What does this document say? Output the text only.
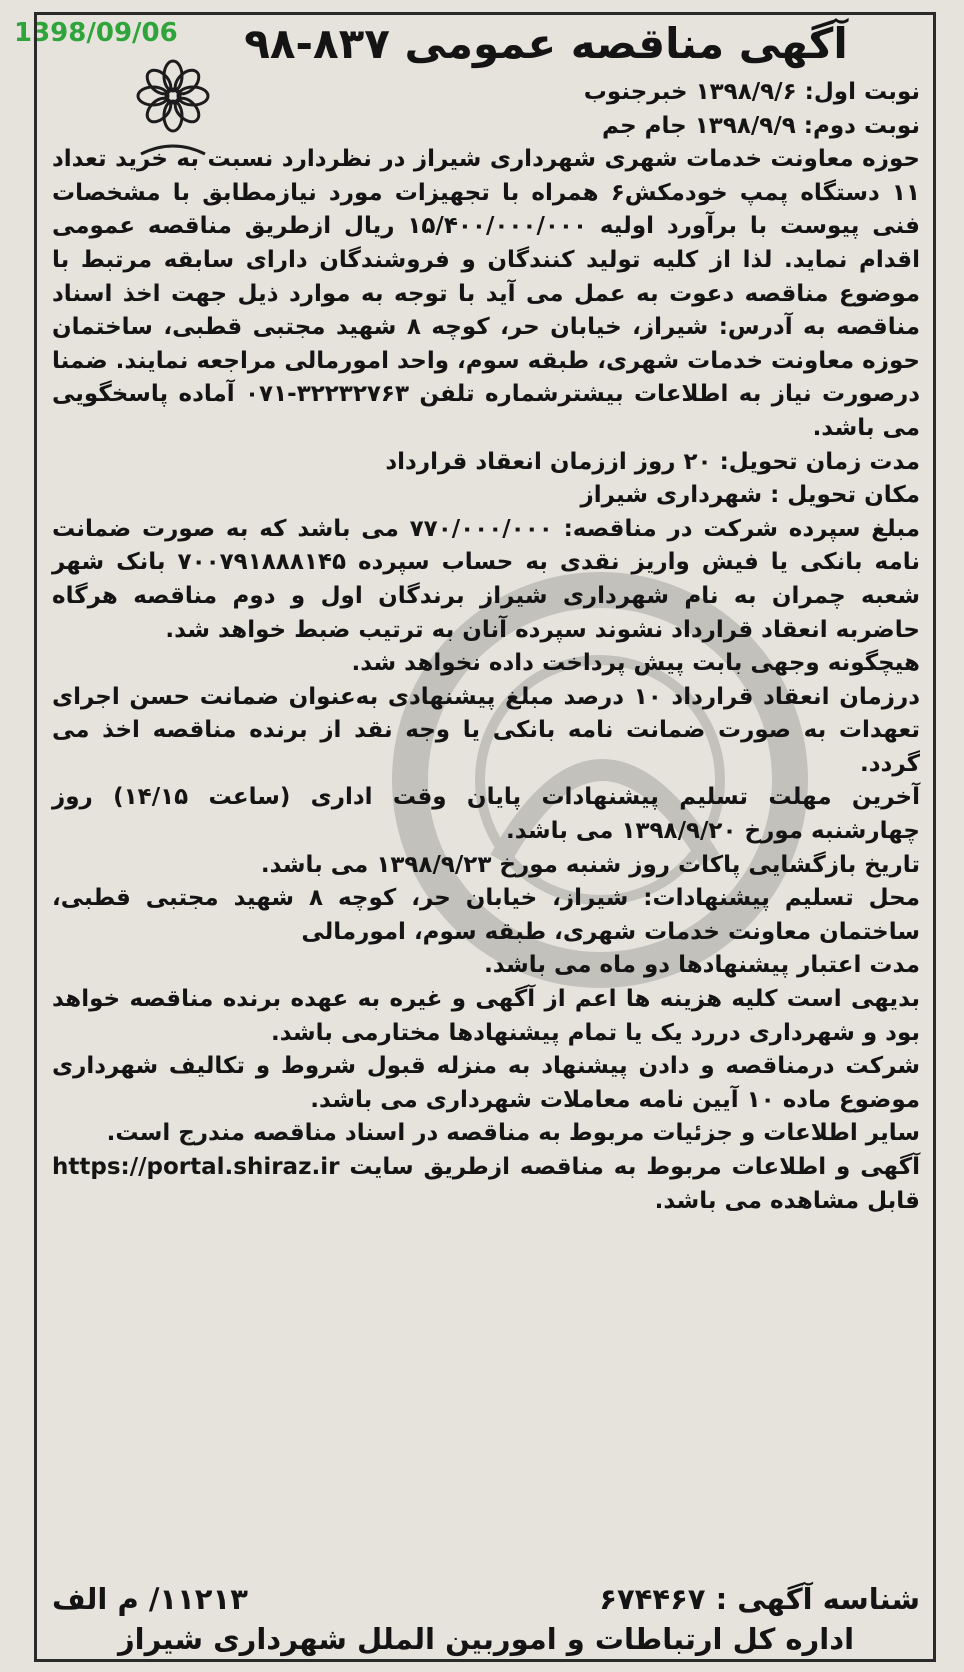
1398/09/06	آگهی مناقصه عمومی ۸۳۷-۹۸
نوبت اول: ۱۳۹۸/۹/۶ خبرجنوب
نوبت دوم: ۱۳۹۸/۹/۹ جام جم

حوزه معاونت خدمات شهری شهرداری شیراز در نظردارد نسبت به خرید تعداد ۱۱ دستگاه پمپ خودمکش۶ همراه با تجهیزات مورد نیازمطابق با مشخصات فنی پیوست با برآورد اولیه ۱۵/۴۰۰/۰۰۰/۰۰۰ ریال ازطریق مناقصه عمومی اقدام نماید. لذا از کلیه تولید کنندگان و فروشندگان دارای سابقه مرتبط با موضوع مناقصه دعوت به عمل می آید با توجه به موارد ذیل جهت اخذ اسناد مناقصه به آدرس: شیراز، خیابان حر، کوچه ۸ شهید مجتبی قطبی، ساختمان حوزه معاونت خدمات شهری، طبقه سوم، واحد امورمالی مراجعه نمایند. ضمنا درصورت نیاز به اطلاعات بیشترشماره تلفن ۳۲۲۳۲۷۶۳-۰۷۱ آماده پاسخگویی می باشد.

مدت زمان تحویل: ۲۰ روز اززمان انعقاد قرارداد

مکان تحویل : شهرداری شیراز

مبلغ سپرده شرکت در مناقصه: ۷۷۰/۰۰۰/۰۰۰ می باشد که به صورت ضمانت نامه بانکی یا فیش واریز نقدی به حساب سپرده ۷۰۰۷۹۱۸۸۸۱۴۵ بانک شهر شعبه چمران به نام شهرداری شیراز برندگان اول و دوم مناقصه هرگاه حاضربه انعقاد قرارداد نشوند سپرده آنان به ترتیب ضبط خواهد شد.

هیچگونه وجهی بابت پیش پرداخت داده نخواهد شد.

درزمان انعقاد قرارداد ۱۰ درصد مبلغ پیشنهادی به‌عنوان ضمانت حسن اجرای تعهدات به صورت ضمانت نامه بانکی یا وجه نقد از برنده مناقصه اخذ می گردد.

آخرین مهلت تسلیم پیشنهادات پایان وقت اداری (ساعت ۱۴/۱۵) روز چهارشنبه مورخ ۱۳۹۸/۹/۲۰ می باشد.

تاریخ بازگشایی پاکات روز شنبه مورخ ۱۳۹۸/۹/۲۳ می باشد.

محل تسلیم پیشنهادات: شیراز، خیابان حر، کوچه ۸ شهید مجتبی قطبی، ساختمان معاونت خدمات شهری، طبقه سوم، امورمالی

مدت اعتبار پیشنهادها دو ماه می باشد.

بدیهی است کلیه هزینه ها اعم از آگهی و غیره به عهده برنده مناقصه خواهد بود و شهرداری دررد یک یا تمام پیشنهادها مختارمی باشد.

شرکت درمناقصه و دادن پیشنهاد به منزله قبول شروط و تکالیف شهرداری موضوع ماده ۱۰ آیین نامه معاملات شهرداری می باشد.

سایر اطلاعات و جزئیات مربوط به مناقصه در اسناد مناقصه مندرج است.

آگهی و اطلاعات مربوط به مناقصه ازطریق سایت https://portal.shiraz.ir قابل مشاهده می باشد.

شناسه آگهی : ۶۷۴۴۶۷
۱۱۲۱۳/ م الف
اداره کل ارتباطات و اموربین الملل شهرداری شیراز
